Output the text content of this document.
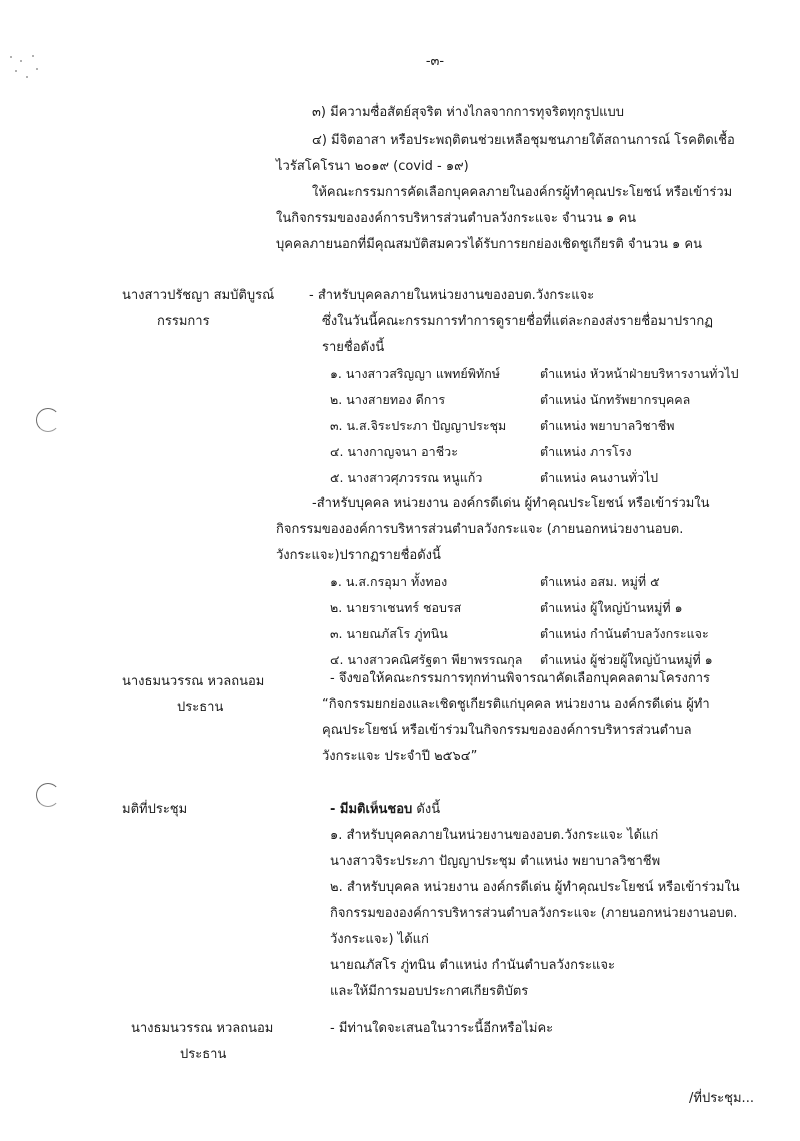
-๓-
๓) มีความซื่อสัตย์สุจริต ห่างไกลจากการทุจริตทุกรูปแบบ
๔) มีจิตอาสา หรือประพฤติตนช่วยเหลือชุมชนภายใต้สถานการณ์ โรคติดเชื้อ
ไวรัสโคโรนา ๒๐๑๙ (covid - ๑๙)
ให้คณะกรรมการคัดเลือกบุคคลภายในองค์กรผู้ทำคุณประโยชน์ หรือเข้าร่วม
ในกิจกรรมขององค์การบริหารส่วนตำบลวังกระแจะ จำนวน ๑ คน
บุคคลภายนอกที่มีคุณสมบัติสมควรได้รับการยกย่องเชิดชูเกียรติ จำนวน ๑ คน
นางสาวปรัชญา สมบัติบูรณ์
กรรมการ
- สำหรับบุคคลภายในหน่วยงานของอบต.วังกระแจะ
ซึ่งในวันนี้คณะกรรมการทำการดูรายชื่อที่แต่ละกองส่งรายชื่อมาปรากฏ
รายชื่อดังนี้
๑. นางสาวสริญญา แพทย์พิทักษ์	ตำแหน่ง หัวหน้าฝ่ายบริหารงานทั่วไป
๒. นางสายทอง ดีการ	ตำแหน่ง นักทรัพยากรบุคคล
๓. น.ส.จิระประภา ปัญญาประชุม	ตำแหน่ง พยาบาลวิชาชีพ
๔. นางกาญจนา อาชีวะ	ตำแหน่ง ภารโรง
๕. นางสาวศุภวรรณ หนูแก้ว	ตำแหน่ง คนงานทั่วไป
-สำหรับบุคคล หน่วยงาน องค์กรดีเด่น ผู้ทำคุณประโยชน์ หรือเข้าร่วมใน
กิจกรรมขององค์การบริหารส่วนตำบลวังกระแจะ (ภายนอกหน่วยงานอบต.
วังกระแจะ)ปรากฏรายชื่อดังนี้
๑. น.ส.กรอุมา ทั้งทอง	ตำแหน่ง อสม. หมู่ที่ ๕
๒. นายราเชนทร์ ชอบรส	ตำแหน่ง ผู้ใหญ่บ้านหมู่ที่ ๑
๓. นายณภัสโร ภู่ทนิน	ตำแหน่ง กำนันตำบลวังกระแจะ
๔. นางสาวคณิศรัฐตา พียาพรรณกุล ตำแหน่ง ผู้ช่วยผู้ใหญ่บ้านหมู่ที่ ๑
นางธมนวรรณ หวลถนอม
ประธาน
- จึงขอให้คณะกรรมการทุกท่านพิจารณาคัดเลือกบุคคลตามโครงการ
“กิจกรรมยกย่องและเชิดชูเกียรติแก่บุคคล หน่วยงาน องค์กรดีเด่น ผู้ทำ
คุณประโยชน์ หรือเข้าร่วมในกิจกรรมขององค์การบริหารส่วนตำบล
วังกระแจะ ประจำปี ๒๕๖๔”
มติที่ประชุม	- มีมติเห็นชอบ ดังนี้
๑. สำหรับบุคคลภายในหน่วยงานของอบต.วังกระแจะ ได้แก่
นางสาวจิระประภา ปัญญาประชุม ตำแหน่ง พยาบาลวิชาชีพ
๒. สำหรับบุคคล หน่วยงาน องค์กรดีเด่น ผู้ทำคุณประโยชน์ หรือเข้าร่วมใน
กิจกรรมขององค์การบริหารส่วนตำบลวังกระแจะ (ภายนอกหน่วยงานอบต.
วังกระแจะ) ได้แก่
นายณภัสโร ภู่ทนิน ตำแหน่ง กำนันตำบลวังกระแจะ
และให้มีการมอบประกาศเกียรติบัตร
นางธมนวรรณ หวลถนอม
ประธาน
- มีท่านใดจะเสนอในวาระนี้อีกหรือไม่คะ
/ที่ประชุม...
